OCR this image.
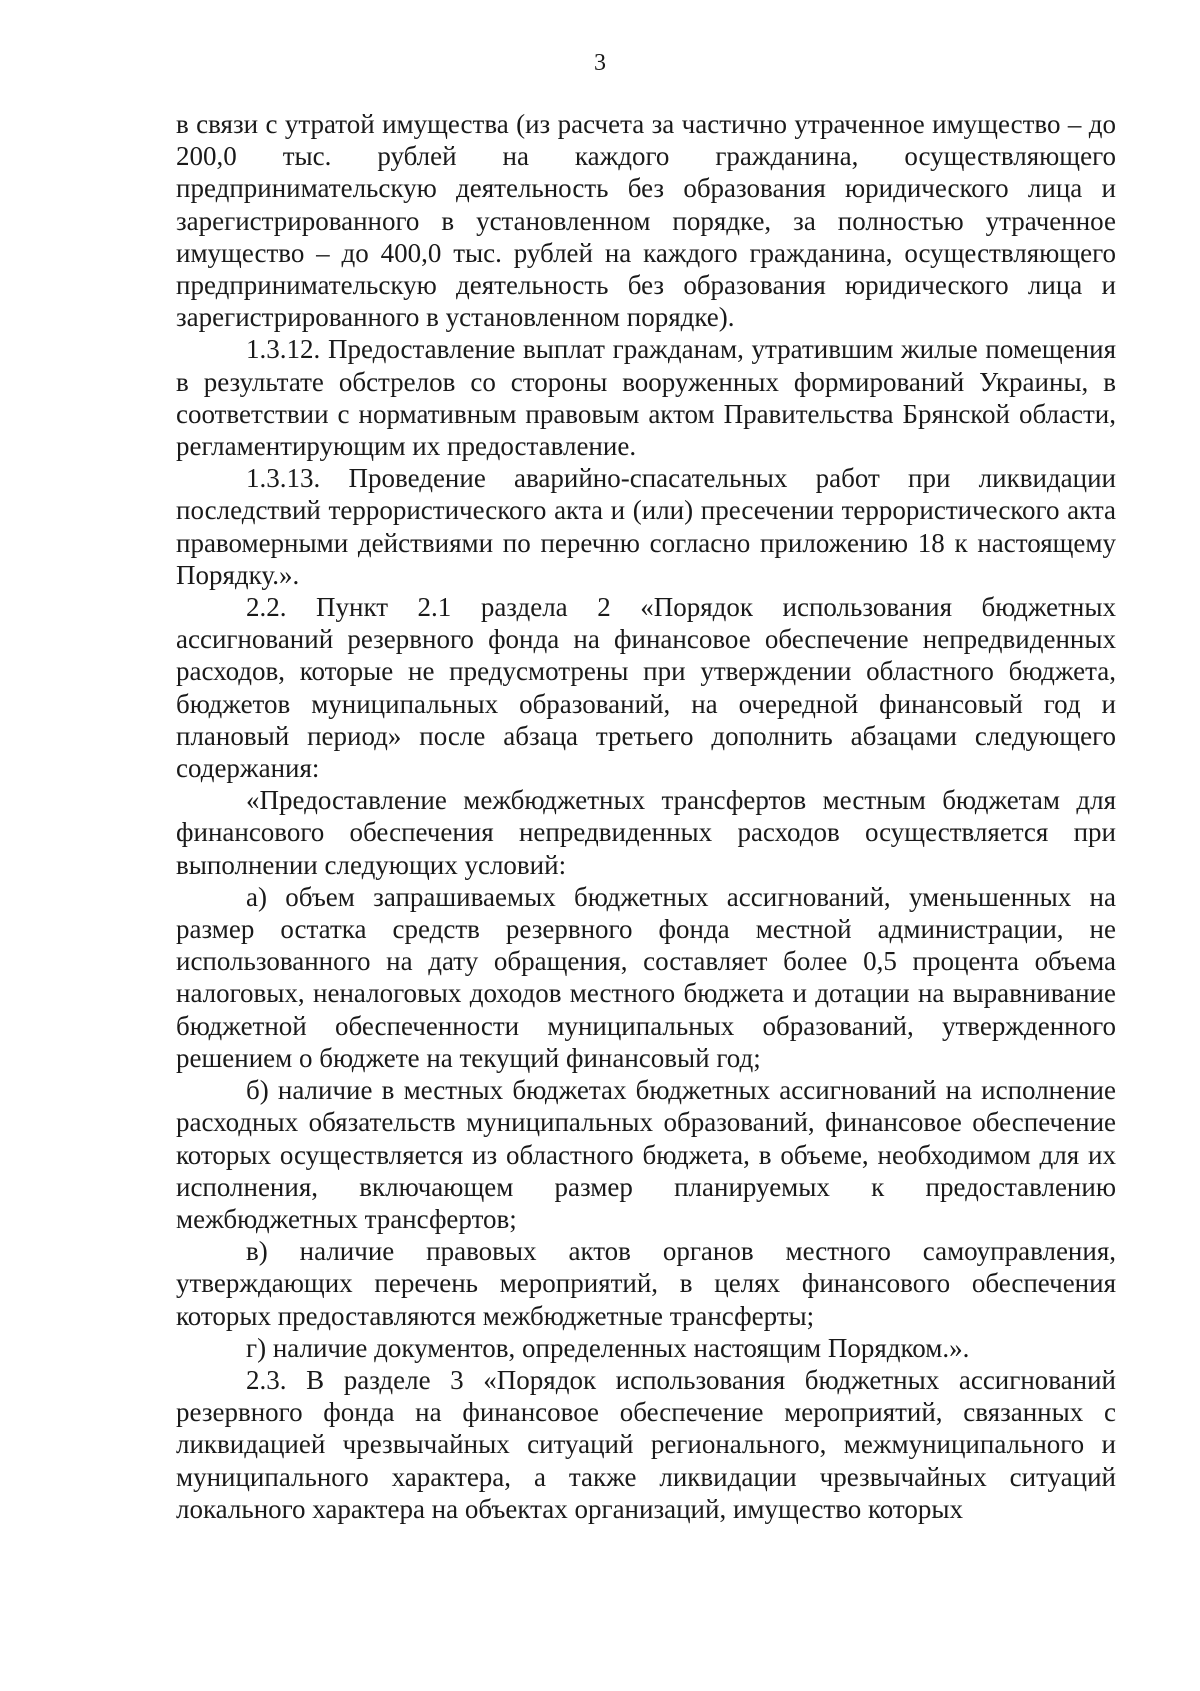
3

в связи с утратой имущества (из расчета за частично утраченное имущество – до 200,0 тыс. рублей на каждого гражданина, осуществляющего предпринимательскую деятельность без образования юридического лица и зарегистрированного в установленном порядке, за полностью утраченное имущество – до 400,0 тыс. рублей на каждого гражданина, осуществляющего предпринимательскую деятельность без образования юридического лица и зарегистрированного в установленном порядке).

1.3.12. Предоставление выплат гражданам, утратившим жилые помещения в результате обстрелов со стороны вооруженных формирований Украины, в соответствии с нормативным правовым актом Правительства Брянской области, регламентирующим их предоставление.

1.3.13. Проведение аварийно-спасательных работ при ликвидации последствий террористического акта и (или) пресечении террористического акта правомерными действиями по перечню согласно приложению 18 к настоящему Порядку.».

2.2. Пункт 2.1 раздела 2 «Порядок использования бюджетных ассигнований резервного фонда на финансовое обеспечение непредвиденных расходов, которые не предусмотрены при утверждении областного бюджета, бюджетов муниципальных образований, на очередной финансовый год и плановый период» после абзаца третьего дополнить абзацами следующего содержания:

«Предоставление межбюджетных трансфертов местным бюджетам для финансового обеспечения непредвиденных расходов осуществляется при выполнении следующих условий:

а) объем запрашиваемых бюджетных ассигнований, уменьшенных на размер остатка средств резервного фонда местной администрации, не использованного на дату обращения, составляет более 0,5 процента объема налоговых, неналоговых доходов местного бюджета и дотации на выравнивание бюджетной обеспеченности муниципальных образований, утвержденного решением о бюджете на текущий финансовый год;

б) наличие в местных бюджетах бюджетных ассигнований на исполнение расходных обязательств муниципальных образований, финансовое обеспечение которых осуществляется из областного бюджета, в объеме, необходимом для их исполнения, включающем размер планируемых к предоставлению межбюджетных трансфертов;

в) наличие правовых актов органов местного самоуправления, утверждающих перечень мероприятий, в целях финансового обеспечения которых предоставляются межбюджетные трансферты;

г) наличие документов, определенных настоящим Порядком.».

2.3. В разделе 3 «Порядок использования бюджетных ассигнований резервного фонда на финансовое обеспечение мероприятий, связанных с ликвидацией чрезвычайных ситуаций регионального, межмуниципального и муниципального характера, а также ликвидации чрезвычайных ситуаций локального характера на объектах организаций, имущество которых
